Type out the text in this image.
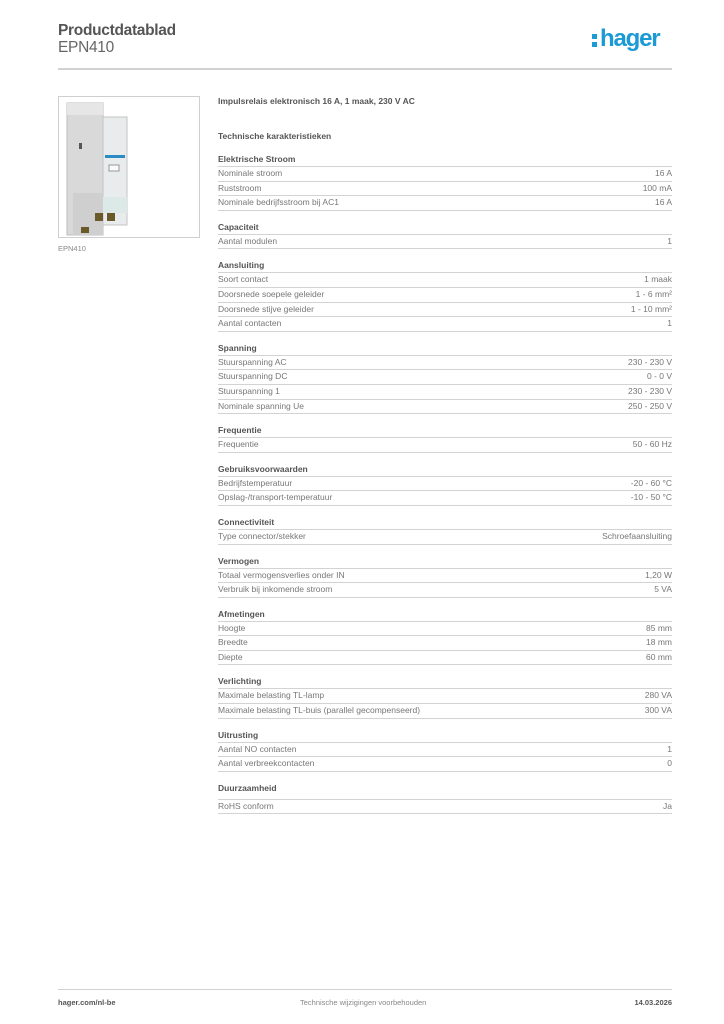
Productdatablad
EPN410	hager
EPN410
Impulsrelais elektronisch 16 A, 1 maak, 230 V AC
Technische karakteristieken
Elektrische Stroom
Nominale stroom	16 A
Ruststroom	100 mA
Nominale bedrijfsstroom bij AC1	16 A
Capaciteit
Aantal modulen	1
Aansluiting
Soort contact	1 maak
Doorsnede soepele geleider	1 - 6 mm²
Doorsnede stijve geleider	1 - 10 mm²
Aantal contacten	1
Spanning
Stuurspanning AC	230 - 230 V
Stuurspanning DC	0 - 0 V
Stuurspanning 1	230 - 230 V
Nominale spanning Ue	250 - 250 V
Frequentie
Frequentie	50 - 60 Hz
Gebruiksvoorwaarden
Bedrijfstemperatuur	-20 - 60 °C
Opslag-/transport-temperatuur	-10 - 50 °C
Connectiviteit
Type connector/stekker	Schroefaansluiting
Vermogen
Totaal vermogensverlies onder IN	1,20 W
Verbruik bij inkomende stroom	5 VA
Afmetingen
Hoogte	85 mm
Breedte	18 mm
Diepte	60 mm
Verlichting
Maximale belasting TL-lamp	280 VA
Maximale belasting TL-buis (parallel gecompenseerd)	300 VA
Uitrusting
Aantal NO contacten	1
Aantal verbreekcontacten	0
Duurzaamheid
RoHS conform	Ja
hager.com/nl-be	Technische wijzigingen voorbehouden	14.03.2026
